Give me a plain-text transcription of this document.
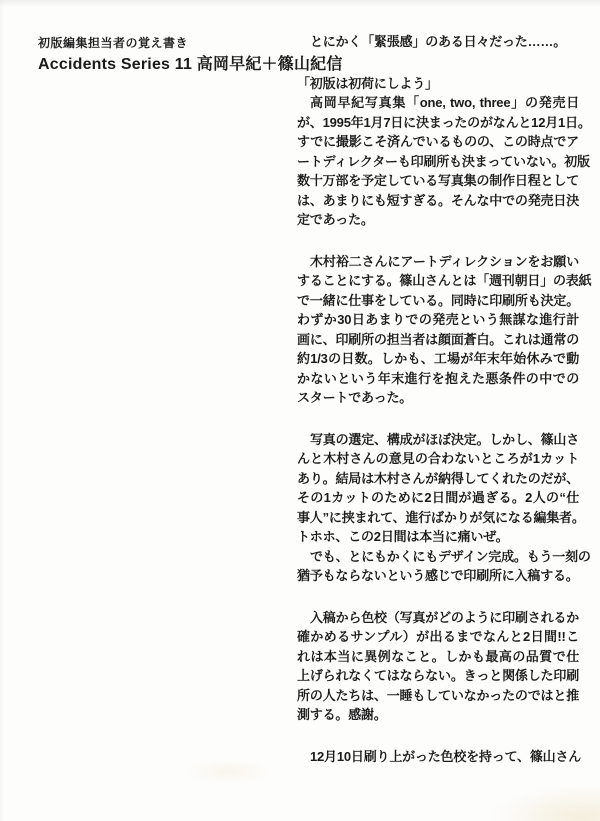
初版編集担当者の覚え書き
Accidents Series 11 高岡早紀＋篠山紀信
とにかく「緊張感」のある日々だった……。
「初版は初荷にしよう」
高岡早紀写真集「one, two, three」の発売日
が、1995年1月7日に決まったのがなんと12月1日。
すでに撮影こそ済んでいるものの、この時点でア
ートディレクターも印刷所も決まっていない。初版
数十万部を予定している写真集の制作日程として
は、あまりにも短すぎる。そんな中での発売日決
定であった。
木村裕二さんにアートディレクションをお願い
することにする。篠山さんとは「週刊朝日」の表紙
で一緒に仕事をしている。同時に印刷所も決定。
わずか30日あまりでの発売という無謀な進行計
画に、印刷所の担当者は顔面蒼白。これは通常の
約1/3の日数。しかも、工場が年末年始休みで動
かないという年末進行を抱えた悪条件の中での
スタートであった。
写真の選定、構成がほぼ決定。しかし、篠山さ
んと木村さんの意見の合わないところが1カット
あり。結局は木村さんが納得してくれたのだが、
その1カットのために2日間が過ぎる。2人の“仕
事人”に挟まれて、進行ばかりが気になる編集者。
トホホ、この2日間は本当に痛いぜ。
でも、とにもかくにもデザイン完成。もう一刻の
猶予もならないという感じで印刷所に入稿する。
入稿から色校（写真がどのように印刷されるか
確かめるサンプル）が出るまでなんと2日間!!こ
れは本当に異例なこと。しかも最高の品質で仕
上げられなくてはならない。きっと関係した印刷
所の人たちは、一睡もしていなかったのではと推
測する。感謝。
12月10日刷り上がった色校を持って、篠山さん
